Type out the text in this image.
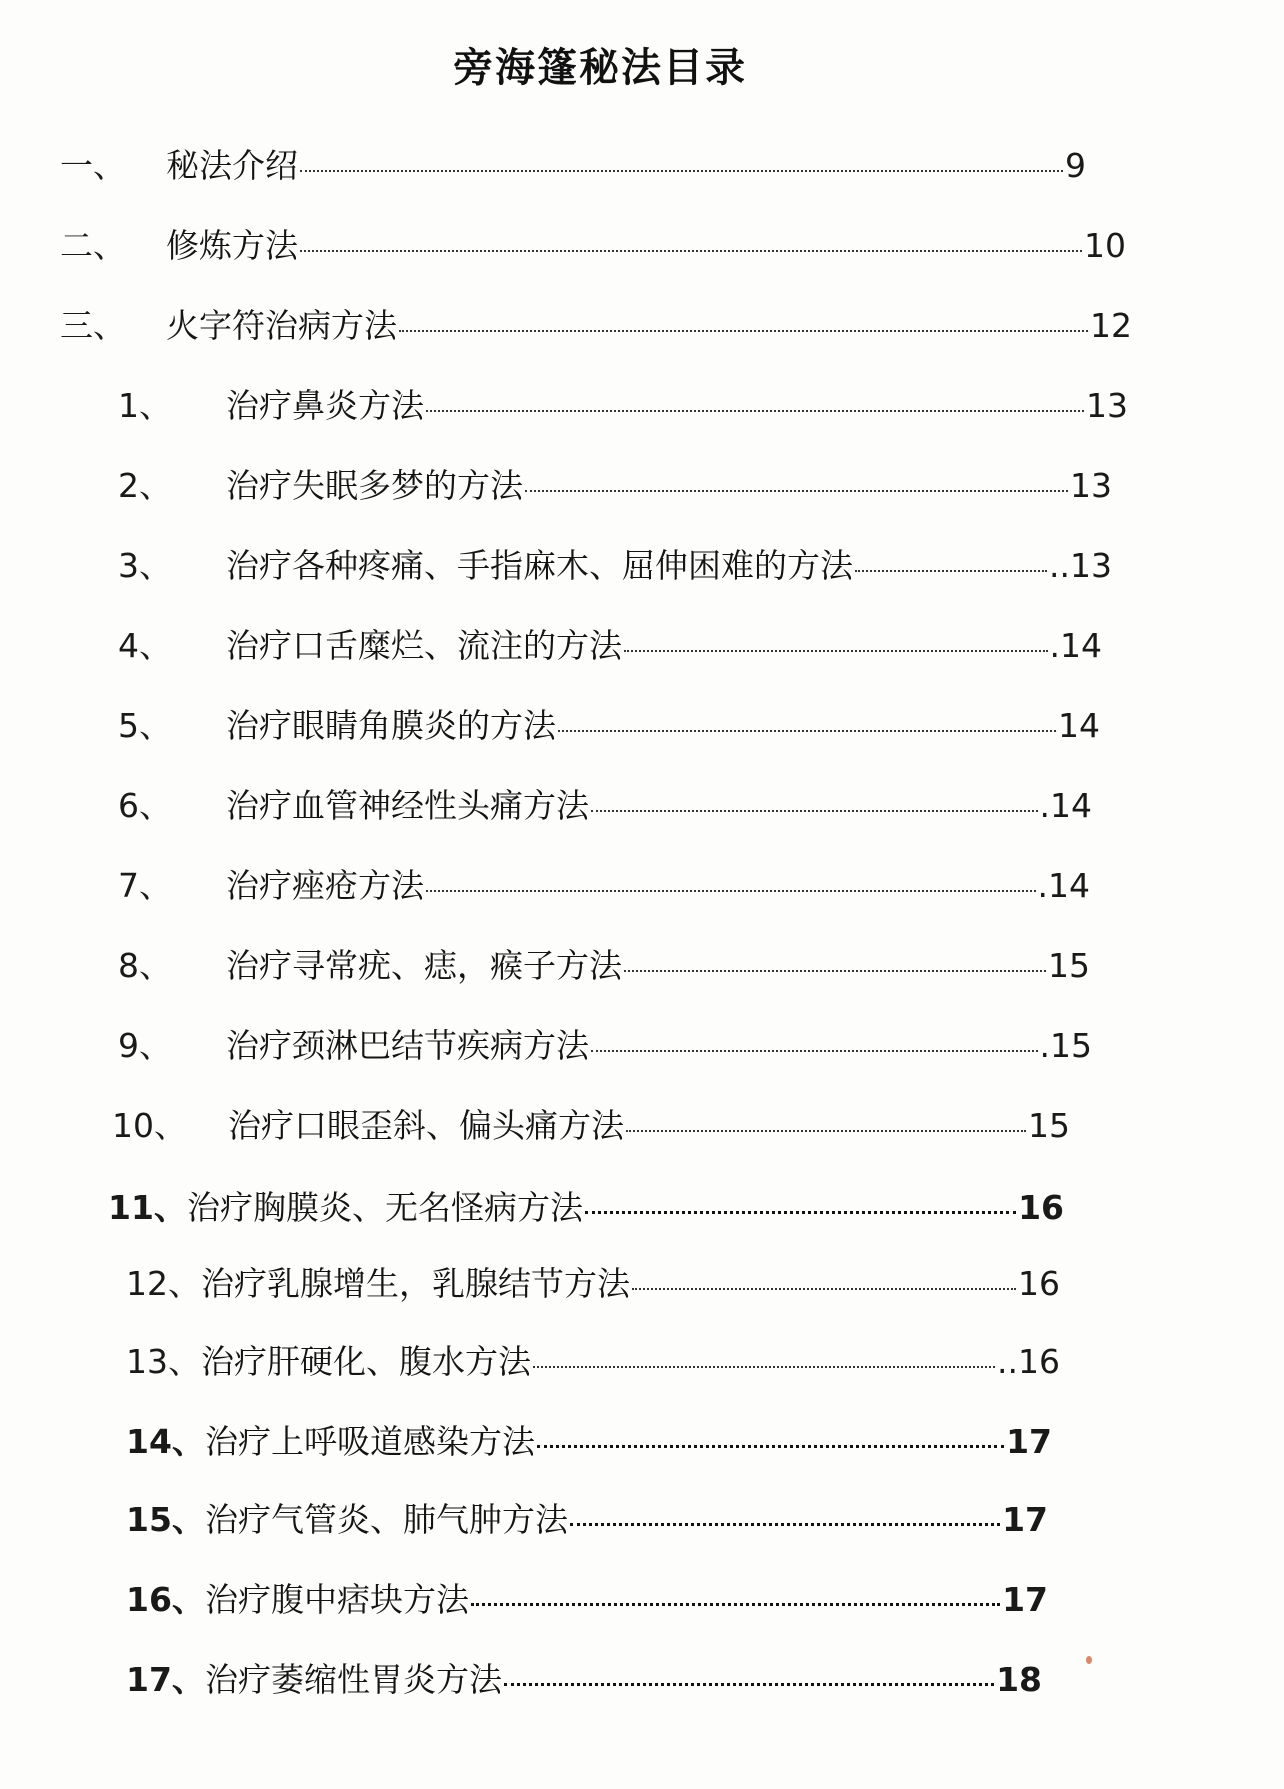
旁海篷秘法目录
一、	秘法介绍	9
二、	修炼方法	10
三、	火字符治病方法	12
1、	治疗鼻炎方法	13
2、	治疗失眠多梦的方法	13
3、	治疗各种疼痛、手指麻木、屈伸困难的方法	..13
4、	治疗口舌糜烂、流注的方法	.14
5、	治疗眼睛角膜炎的方法	14
6、	治疗血管神经性头痛方法	.14
7、	治疗痤疮方法	.14
8、	治疗寻常疣、痣，瘊子方法	15
9、	治疗颈淋巴结节疾病方法	.15
10、	治疗口眼歪斜、偏头痛方法	15
11、 治疗胸膜炎、无名怪病方法	16
12、 治疗乳腺增生，乳腺结节方法	16
13、 治疗肝硬化、腹水方法	..16
14、 治疗上呼吸道感染方法	17
15、 治疗气管炎、肺气肿方法	17
16、 治疗腹中痞块方法	17
17、 治疗萎缩性胃炎方法	18
